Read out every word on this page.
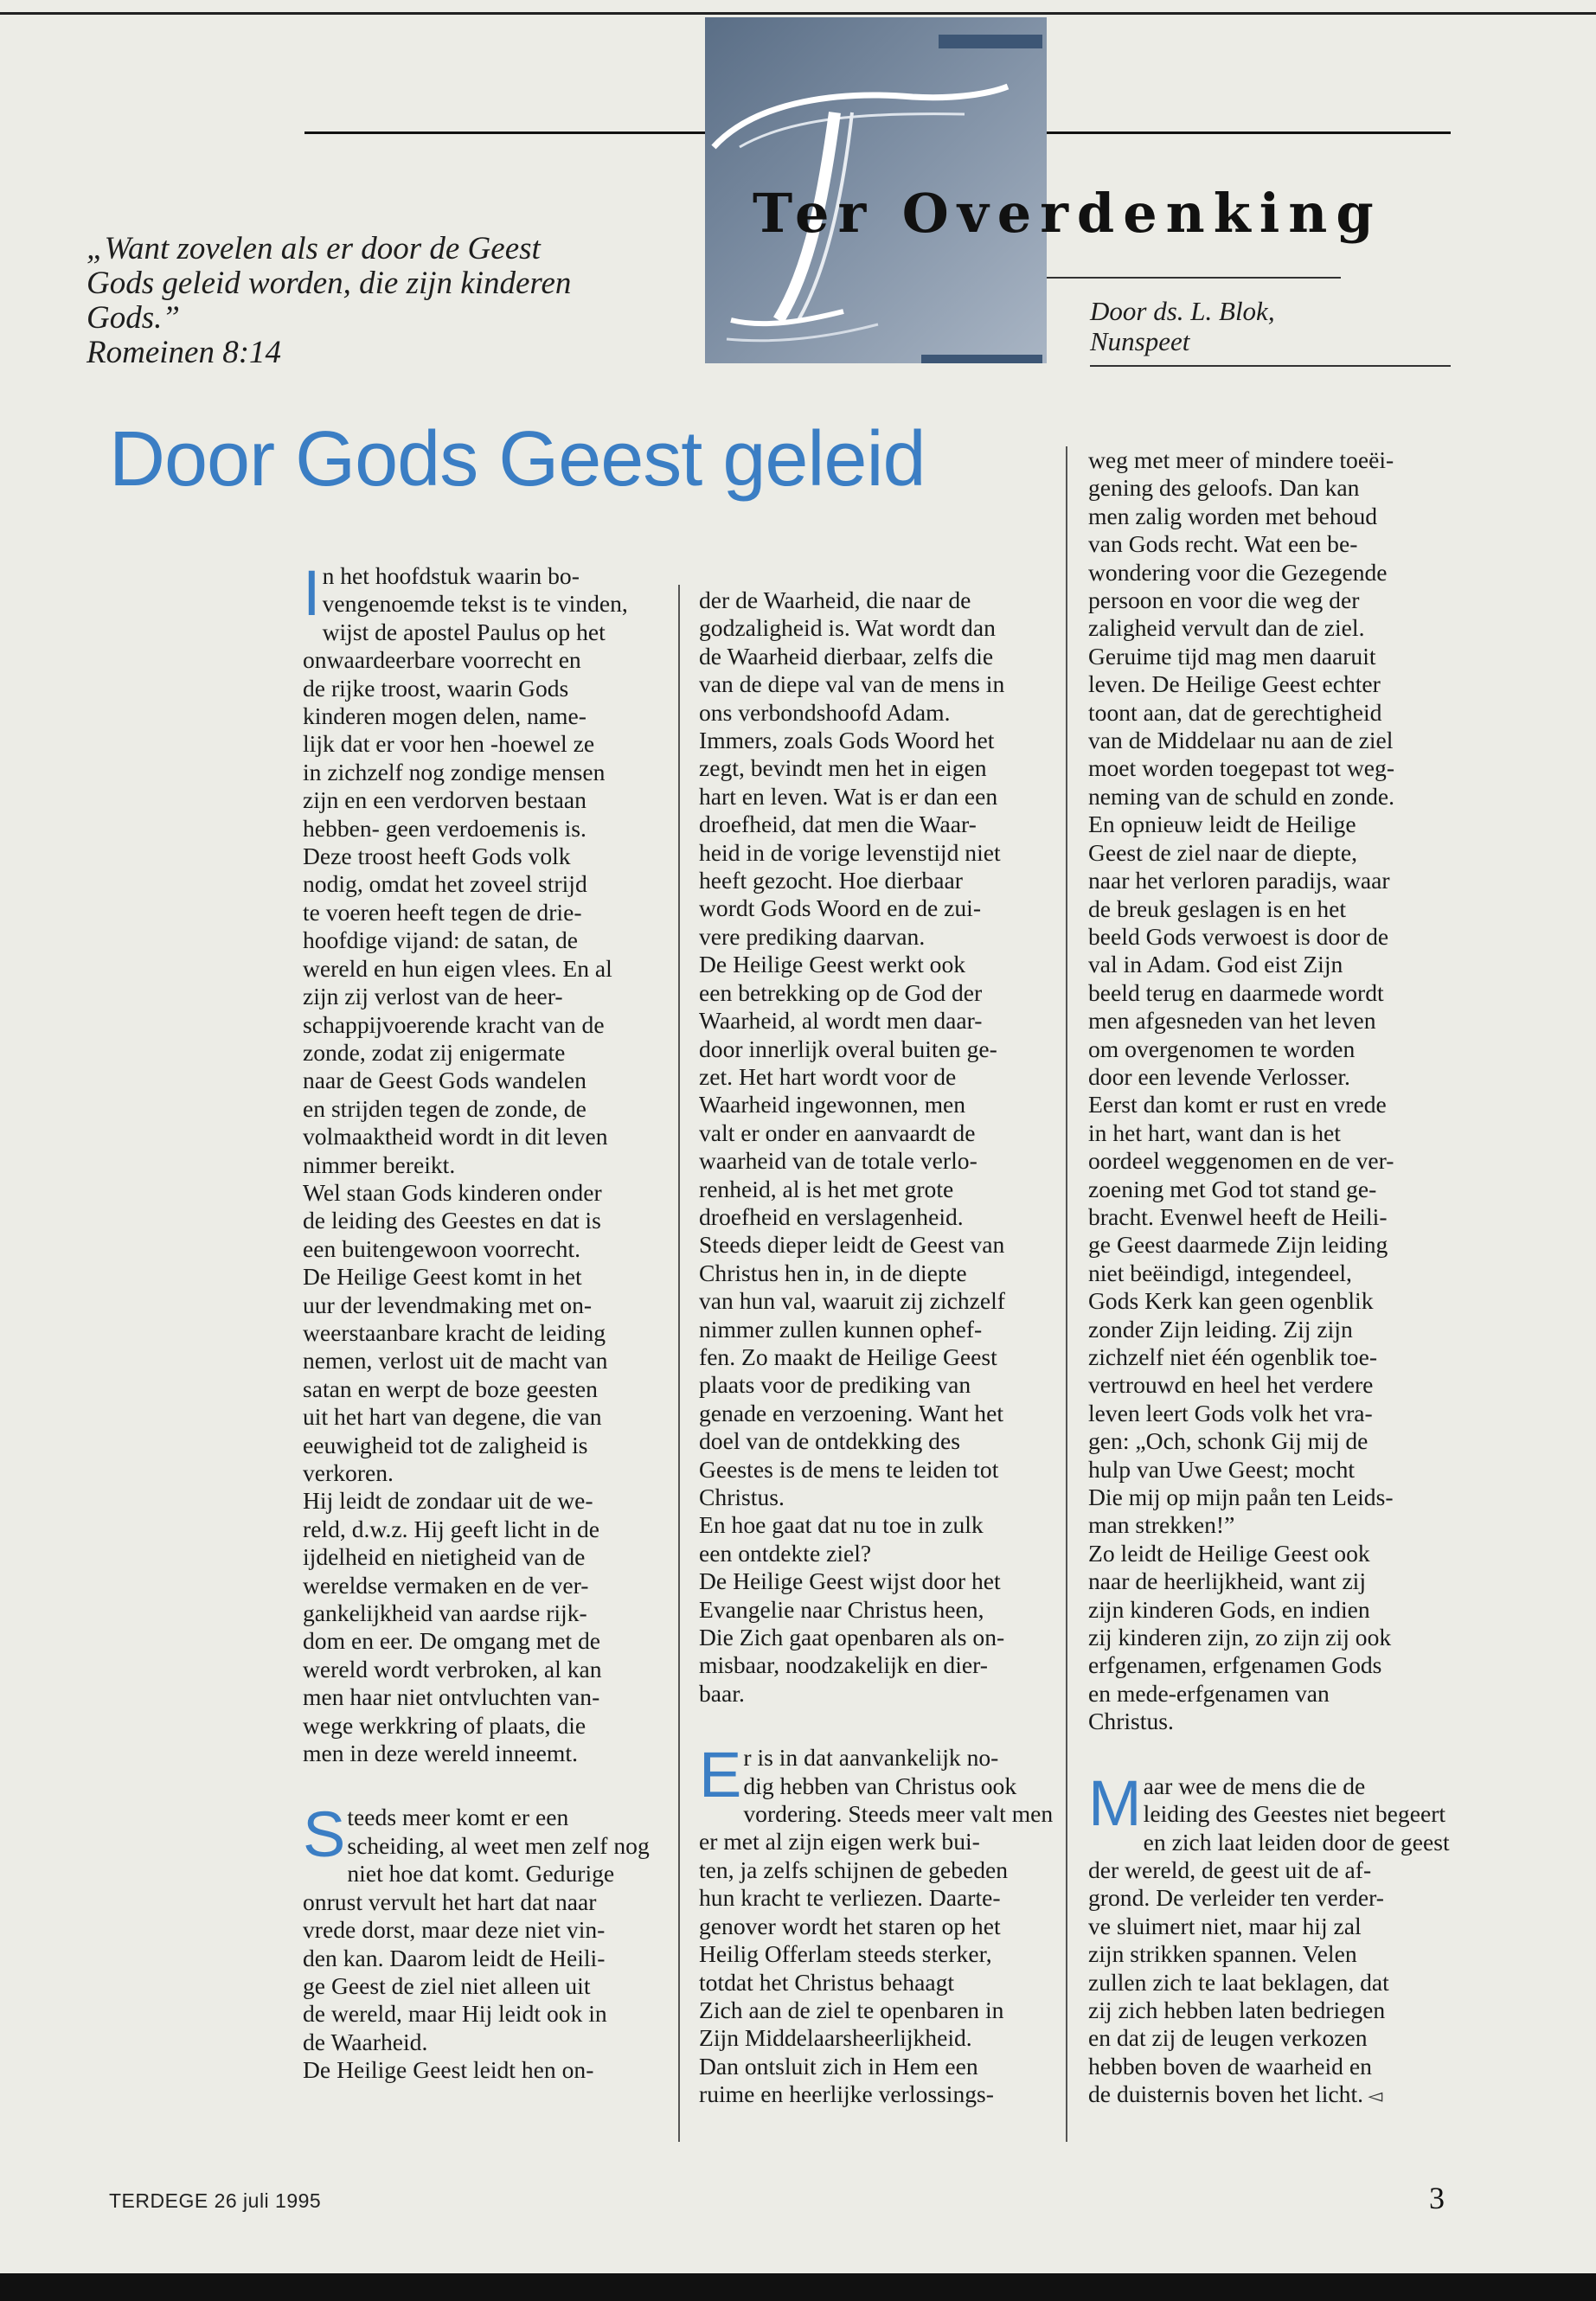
Ter Overdenking
„Want zovelen als er door de Geest
Gods geleid worden, die zijn kinderen
Gods.”
Romeinen 8:14
Door ds. L. Blok,
Nunspeet
Door Gods Geest geleid
I n het hoofdstuk waarin bo-
vengenoemde tekst is te vinden,
wijst de apostel Paulus op het
onwaardeerbare voorrecht en
de rijke troost, waarin Gods
kinderen mogen delen, name-
lijk dat er voor hen -hoewel ze
in zichzelf nog zondige mensen
zijn en een verdorven bestaan
hebben- geen verdoemenis is.
Deze troost heeft Gods volk
nodig, omdat het zoveel strijd
te voeren heeft tegen de drie-
hoofdige vijand: de satan, de
wereld en hun eigen vlees. En al
zijn zij verlost van de heer-
schappijvoerende kracht van de
zonde, zodat zij enigermate
naar de Geest Gods wandelen
en strijden tegen de zonde, de
volmaaktheid wordt in dit leven
nimmer bereikt.
Wel staan Gods kinderen onder
de leiding des Geestes en dat is
een buitengewoon voorrecht.
De Heilige Geest komt in het
uur der levendmaking met on-
weerstaanbare kracht de leiding
nemen, verlost uit de macht van
satan en werpt de boze geesten
uit het hart van degene, die van
eeuwigheid tot de zaligheid is
verkoren.
Hij leidt de zondaar uit de we-
reld, d.w.z. Hij geeft licht in de
ijdelheid en nietigheid van de
wereldse vermaken en de ver-
gankelijkheid van aardse rijk-
dom en eer. De omgang met de
wereld wordt verbroken, al kan
men haar niet ontvluchten van-
wege werkkring of plaats, die
men in deze wereld inneemt.
S teeds meer komt er een
scheiding, al weet men zelf nog
niet hoe dat komt. Gedurige
onrust vervult het hart dat naar
vrede dorst, maar deze niet vin-
den kan. Daarom leidt de Heili-
ge Geest de ziel niet alleen uit
de wereld, maar Hij leidt ook in
de Waarheid.
De Heilige Geest leidt hen on-
der de Waarheid, die naar de
godzaligheid is. Wat wordt dan
de Waarheid dierbaar, zelfs die
van de diepe val van de mens in
ons verbondshoofd Adam.
Immers, zoals Gods Woord het
zegt, bevindt men het in eigen
hart en leven. Wat is er dan een
droefheid, dat men die Waar-
heid in de vorige levenstijd niet
heeft gezocht. Hoe dierbaar
wordt Gods Woord en de zui-
vere prediking daarvan.
De Heilige Geest werkt ook
een betrekking op de God der
Waarheid, al wordt men daar-
door innerlijk overal buiten ge-
zet. Het hart wordt voor de
Waarheid ingewonnen, men
valt er onder en aanvaardt de
waarheid van de totale verlo-
renheid, al is het met grote
droefheid en verslagenheid.
Steeds dieper leidt de Geest van
Christus hen in, in de diepte
van hun val, waaruit zij zichzelf
nimmer zullen kunnen ophef-
fen. Zo maakt de Heilige Geest
plaats voor de prediking van
genade en verzoening. Want het
doel van de ontdekking des
Geestes is de mens te leiden tot
Christus.
En hoe gaat dat nu toe in zulk
een ontdekte ziel?
De Heilige Geest wijst door het
Evangelie naar Christus heen,
Die Zich gaat openbaren als on-
misbaar, noodzakelijk en dier-
baar.
E r is in dat aanvankelijk no-
dig hebben van Christus ook
vordering. Steeds meer valt men
er met al zijn eigen werk bui-
ten, ja zelfs schijnen de gebeden
hun kracht te verliezen. Daarte-
genover wordt het staren op het
Heilig Offerlam steeds sterker,
totdat het Christus behaagt
Zich aan de ziel te openbaren in
Zijn Middelaarsheerlijkheid.
Dan ontsluit zich in Hem een
ruime en heerlijke verlossings-
weg met meer of mindere toeëi-
gening des geloofs. Dan kan
men zalig worden met behoud
van Gods recht. Wat een be-
wondering voor die Gezegende
persoon en voor die weg der
zaligheid vervult dan de ziel.
Geruime tijd mag men daaruit
leven. De Heilige Geest echter
toont aan, dat de gerechtigheid
van de Middelaar nu aan de ziel
moet worden toegepast tot weg-
neming van de schuld en zonde.
En opnieuw leidt de Heilige
Geest de ziel naar de diepte,
naar het verloren paradijs, waar
de breuk geslagen is en het
beeld Gods verwoest is door de
val in Adam. God eist Zijn
beeld terug en daarmede wordt
men afgesneden van het leven
om overgenomen te worden
door een levende Verlosser.
Eerst dan komt er rust en vrede
in het hart, want dan is het
oordeel weggenomen en de ver-
zoening met God tot stand ge-
bracht. Evenwel heeft de Heili-
ge Geest daarmede Zijn leiding
niet beëindigd, integendeel,
Gods Kerk kan geen ogenblik
zonder Zijn leiding. Zij zijn
zichzelf niet één ogenblik toe-
vertrouwd en heel het verdere
leven leert Gods volk het vra-
gen: „Och, schonk Gij mij de
hulp van Uwe Geest; mocht
Die mij op mijn paån ten Leids-
man strekken!”
Zo leidt de Heilige Geest ook
naar de heerlijkheid, want zij
zijn kinderen Gods, en indien
zij kinderen zijn, zo zijn zij ook
erfgenamen, erfgenamen Gods
en mede-erfgenamen van
Christus.
M aar wee de mens die de
leiding des Geestes niet begeert
en zich laat leiden door de geest
der wereld, de geest uit de af-
grond. De verleider ten verder-
ve sluimert niet, maar hij zal
zijn strikken spannen. Velen
zullen zich te laat beklagen, dat
zij zich hebben laten bedriegen
en dat zij de leugen verkozen
hebben boven de waarheid en
de duisternis boven het licht. ◅
TERDEGE 26 juli 1995	3
